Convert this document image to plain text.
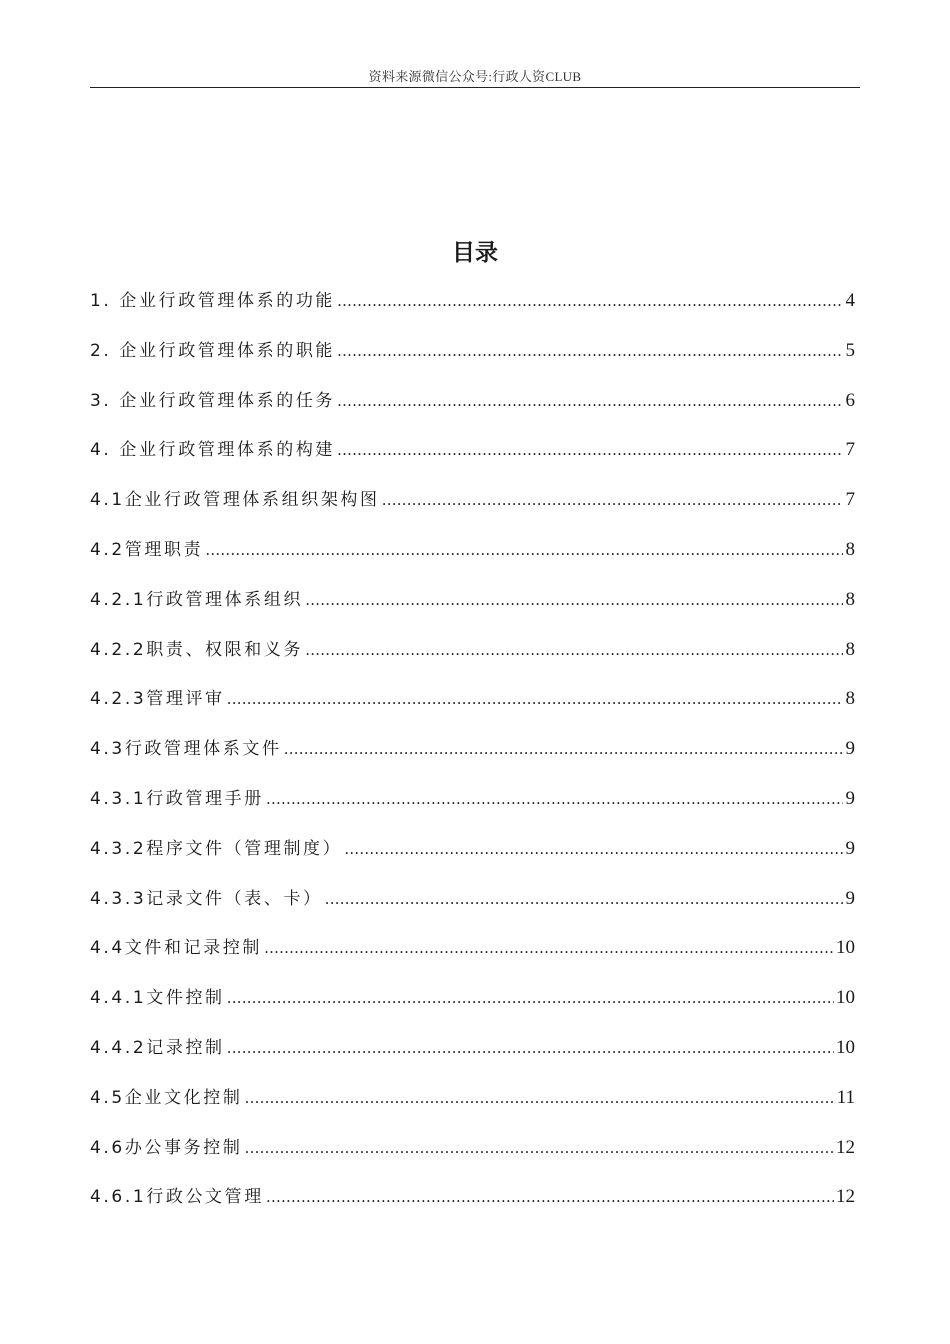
资料来源微信公众号:行政人资CLUB
目录
1. 企业行政管理体系的功能 ……………………………………………………………………………………………………………………………………………………………………………………	4
2. 企业行政管理体系的职能 ……………………………………………………………………………………………………………………………………………………………………………………	5
3. 企业行政管理体系的任务 ……………………………………………………………………………………………………………………………………………………………………………………	6
4. 企业行政管理体系的构建 ……………………………………………………………………………………………………………………………………………………………………………………	7
4.1企业行政管理体系组织架构图 ……………………………………………………………………………………………………………………………………………………………………………………	7
4.2管理职责 ……………………………………………………………………………………………………………………………………………………………………………………	8
4.2.1行政管理体系组织 ……………………………………………………………………………………………………………………………………………………………………………………	8
4.2.2职责、权限和义务 ……………………………………………………………………………………………………………………………………………………………………………………	8
4.2.3管理评审 ……………………………………………………………………………………………………………………………………………………………………………………	8
4.3行政管理体系文件 ……………………………………………………………………………………………………………………………………………………………………………………	9
4.3.1行政管理手册 ……………………………………………………………………………………………………………………………………………………………………………………	9
4.3.2程序文件（管理制度） ……………………………………………………………………………………………………………………………………………………………………………………	9
4.3.3记录文件（表、卡） ……………………………………………………………………………………………………………………………………………………………………………………	9
4.4文件和记录控制 ……………………………………………………………………………………………………………………………………………………………………………………	10
4.4.1文件控制 ……………………………………………………………………………………………………………………………………………………………………………………	10
4.4.2记录控制 ……………………………………………………………………………………………………………………………………………………………………………………	10
4.5企业文化控制 ……………………………………………………………………………………………………………………………………………………………………………………	11
4.6办公事务控制 ……………………………………………………………………………………………………………………………………………………………………………………	12
4.6.1行政公文管理 ……………………………………………………………………………………………………………………………………………………………………………………	12
